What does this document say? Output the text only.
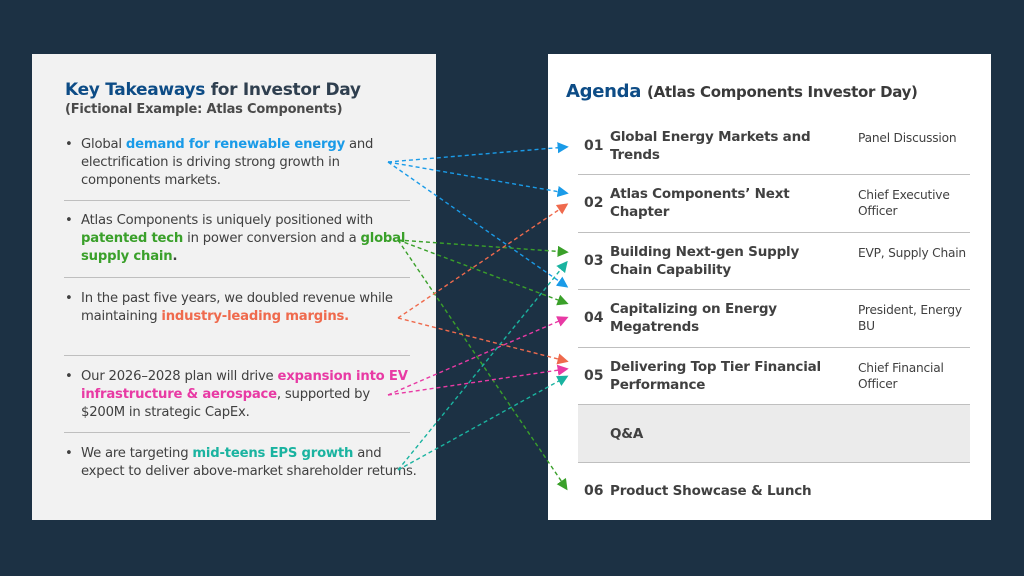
Key Takeaways for Investor Day
(Fictional Example: Atlas Components)
• Global demand for renewable energy and electrification is driving strong growth in components markets.
• Atlas Components is uniquely positioned with patented tech in power conversion and a global supply chain.
• In the past five years, we doubled revenue while maintaining industry-leading margins.
• Our 2026–2028 plan will drive expansion into EV infrastructure & aerospace, supported by $200M in strategic CapEx.
• We are targeting mid-teens EPS growth and expect to deliver above-market shareholder returns.
Agenda (Atlas Components Investor Day)
01
Global Energy Markets and Trends
Panel Discussion
02
Atlas Components’ Next Chapter
Chief Executive Officer
03
Building Next-gen Supply Chain Capability
EVP, Supply Chain
04
Capitalizing on Energy Megatrends
President, Energy BU
05
Delivering Top Tier Financial Performance
Chief Financial Officer
Q&A
06 Product Showcase & Lunch
